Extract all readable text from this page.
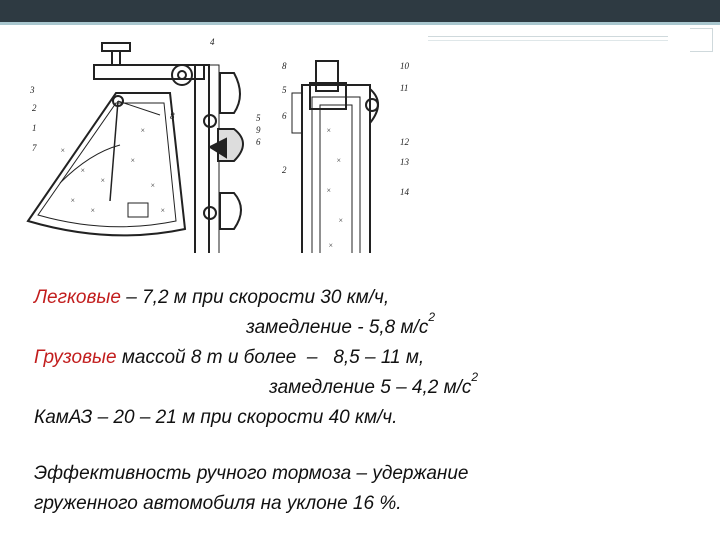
×
×
×
×
×
×
×	×
×	×
×
×
×
×
3
2
1
7
4
8	5
9
6
8
5
6
2
10
11
12
13
14
Легковые – 7,2 м при скорости 30 км/ч,
замедление - 5,8 $м/с^2$
Грузовые массой 8 т и более  –   8,5 – 11 м,
замедление 5 – 4,2 $м/с^2$
КамАЗ – 20 – 21 м при скорости 40 км/ч.
Эффективность ручного тормоза – удержание
груженного автомобиля на уклоне 16 %.
